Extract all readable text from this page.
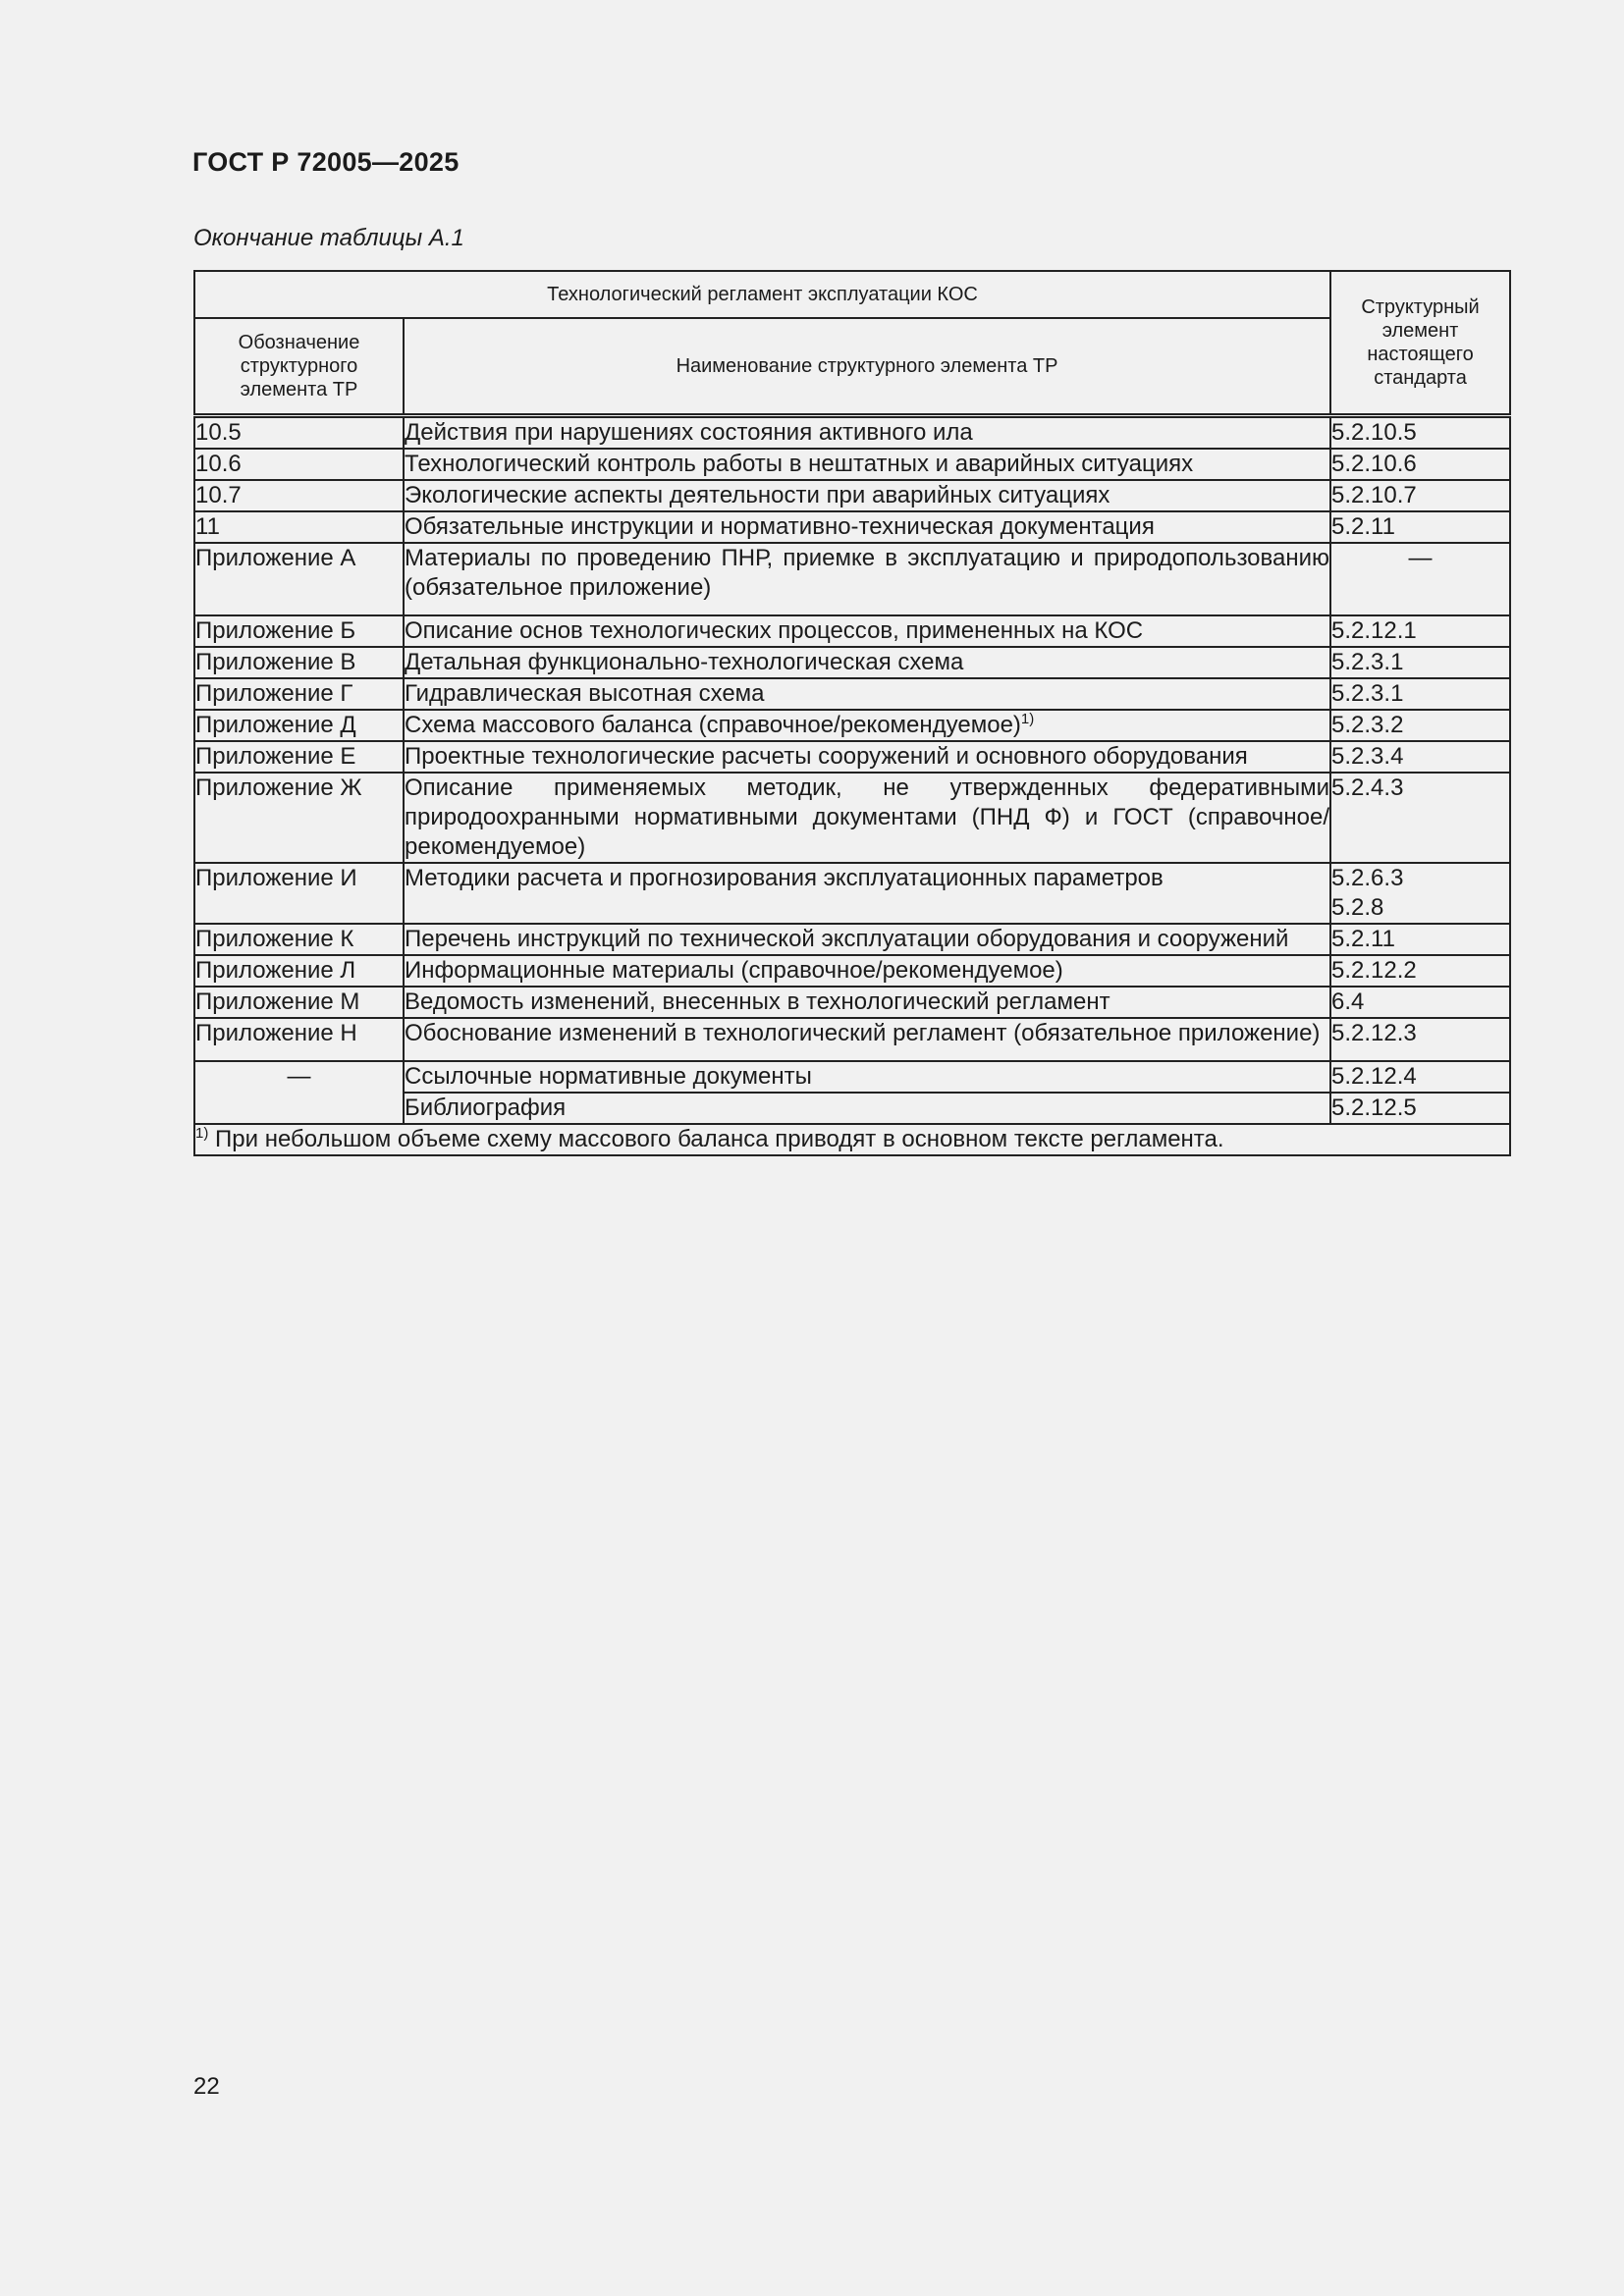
ГОСТ Р 72005—2025
Окончание таблицы А.1
Технологический регламент эксплуатации КОС		Структурный элемент настоящего стандарта
Обозначение структурного элемента ТР	Наименование структурного элемента ТР	
10.5	Действия при нарушениях состояния активного ила	5.2.10.5
10.6	Технологический контроль работы в нештатных и аварийных ситуациях	5.2.10.6
10.7	Экологические аспекты деятельности при аварийных ситуациях	5.2.10.7
11	Обязательные инструкции и нормативно-техническая документация	5.2.11
Приложение А	Материалы по проведению ПНР, приемке в эксплуатацию и природопользованию (обязательное приложение)	—
Приложение Б	Описание основ технологических процессов, примененных на КОС	5.2.12.1
Приложение В	Детальная функционально-технологическая схема	5.2.3.1
Приложение Г	Гидравлическая высотная схема	5.2.3.1
Приложение Д	Схема массового баланса (справочное/рекомендуемое)$^{1)}$	5.2.3.2
Приложение Е	Проектные технологические расчеты сооружений и основного оборудования	5.2.3.4
Приложение Ж	Описание применяемых методик, не утвержденных федеративными природоохранными нормативными документами (ПНД Ф) и ГОСТ (справочное/рекомендуемое)	5.2.4.3
Приложение И	Методики расчета и прогнозирования эксплуатационных параметров	5.2.6.3
5.2.8

Приложение К	Перечень инструкций по технической эксплуатации оборудования и сооружений	5.2.11
Приложение Л	Информационные материалы (справочное/рекомендуемое)	5.2.12.2
Приложение М	Ведомость изменений, внесенных в технологический регламент	6.4
Приложение Н	Обоснование изменений в технологический регламент (обязательное приложение)	5.2.12.3
—	Ссылочные нормативные документы	5.2.12.4
	Библиография	5.2.12.5
$^{1)}$ При небольшом объеме схему массового баланса приводят в основном тексте регламента.		
22
